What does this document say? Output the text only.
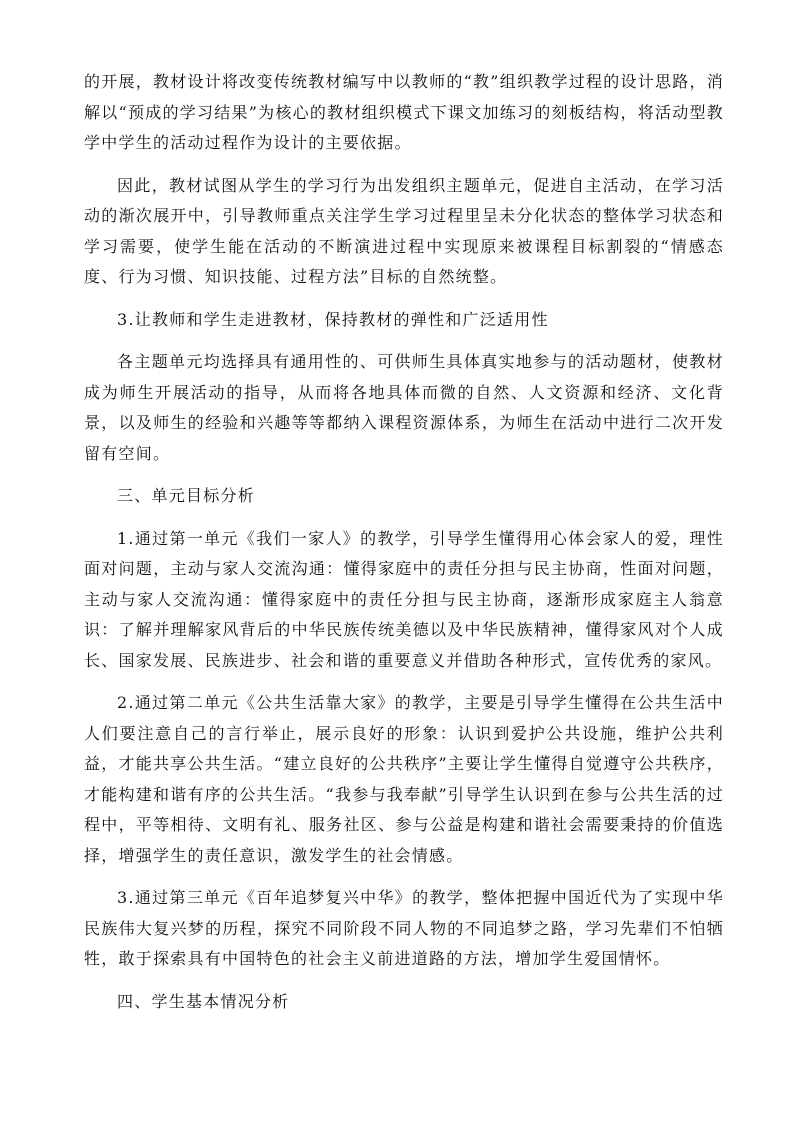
的开展，教材设计将改变传统教材编写中以教师的“教”组织教学过程的设计思路，消解以“预成的学习结果”为核心的教材组织模式下课文加练习的刻板结构，将活动型教学中学生的活动过程作为设计的主要依据。

因此，教材试图从学生的学习行为出发组织主题单元，促进自主活动，在学习活动的渐次展开中，引导教师重点关注学生学习过程里呈未分化状态的整体学习状态和学习需要，使学生能在活动的不断演进过程中实现原来被课程目标割裂的“情感态度、行为习惯、知识技能、过程方法”目标的自然统整。

3.让教师和学生走进教材，保持教材的弹性和广泛适用性

各主题单元均选择具有通用性的、可供师生具体真实地参与的活动题材，使教材成为师生开展活动的指导，从而将各地具体而微的自然、人文资源和经济、文化背景，以及师生的经验和兴趣等等都纳入课程资源体系，为师生在活动中进行二次开发留有空间。

三、单元目标分析

1.通过第一单元《我们一家人》的教学，引导学生懂得用心体会家人的爱，理性面对问题，主动与家人交流沟通：懂得家庭中的责任分担与民主协商，性面对问题，主动与家人交流沟通：懂得家庭中的责任分担与民主协商，逐渐形成家庭主人翁意识：了解并理解家风背后的中华民族传统美德以及中华民族精神，懂得家风对个人成长、国家发展、民族进步、社会和谐的重要意义并借助各种形式，宣传优秀的家风。

2.通过第二单元《公共生活靠大家》的教学，主要是引导学生懂得在公共生活中人们要注意自己的言行举止，展示良好的形象：认识到爱护公共设施，维护公共利益，才能共享公共生活。“建立良好的公共秩序”主要让学生懂得自觉遵守公共秩序，才能构建和谐有序的公共生活。“我参与我奉献”引导学生认识到在参与公共生活的过程中，平等相待、文明有礼、服务社区、参与公益是构建和谐社会需要秉持的价值选择，增强学生的责任意识，激发学生的社会情感。

3.通过第三单元《百年追梦复兴中华》的教学，整体把握中国近代为了实现中华民族伟大复兴梦的历程，探究不同阶段不同人物的不同追梦之路，学习先辈们不怕牺牲，敢于探索具有中国特色的社会主义前进道路的方法，增加学生爱国情怀。

四、学生基本情况分析
